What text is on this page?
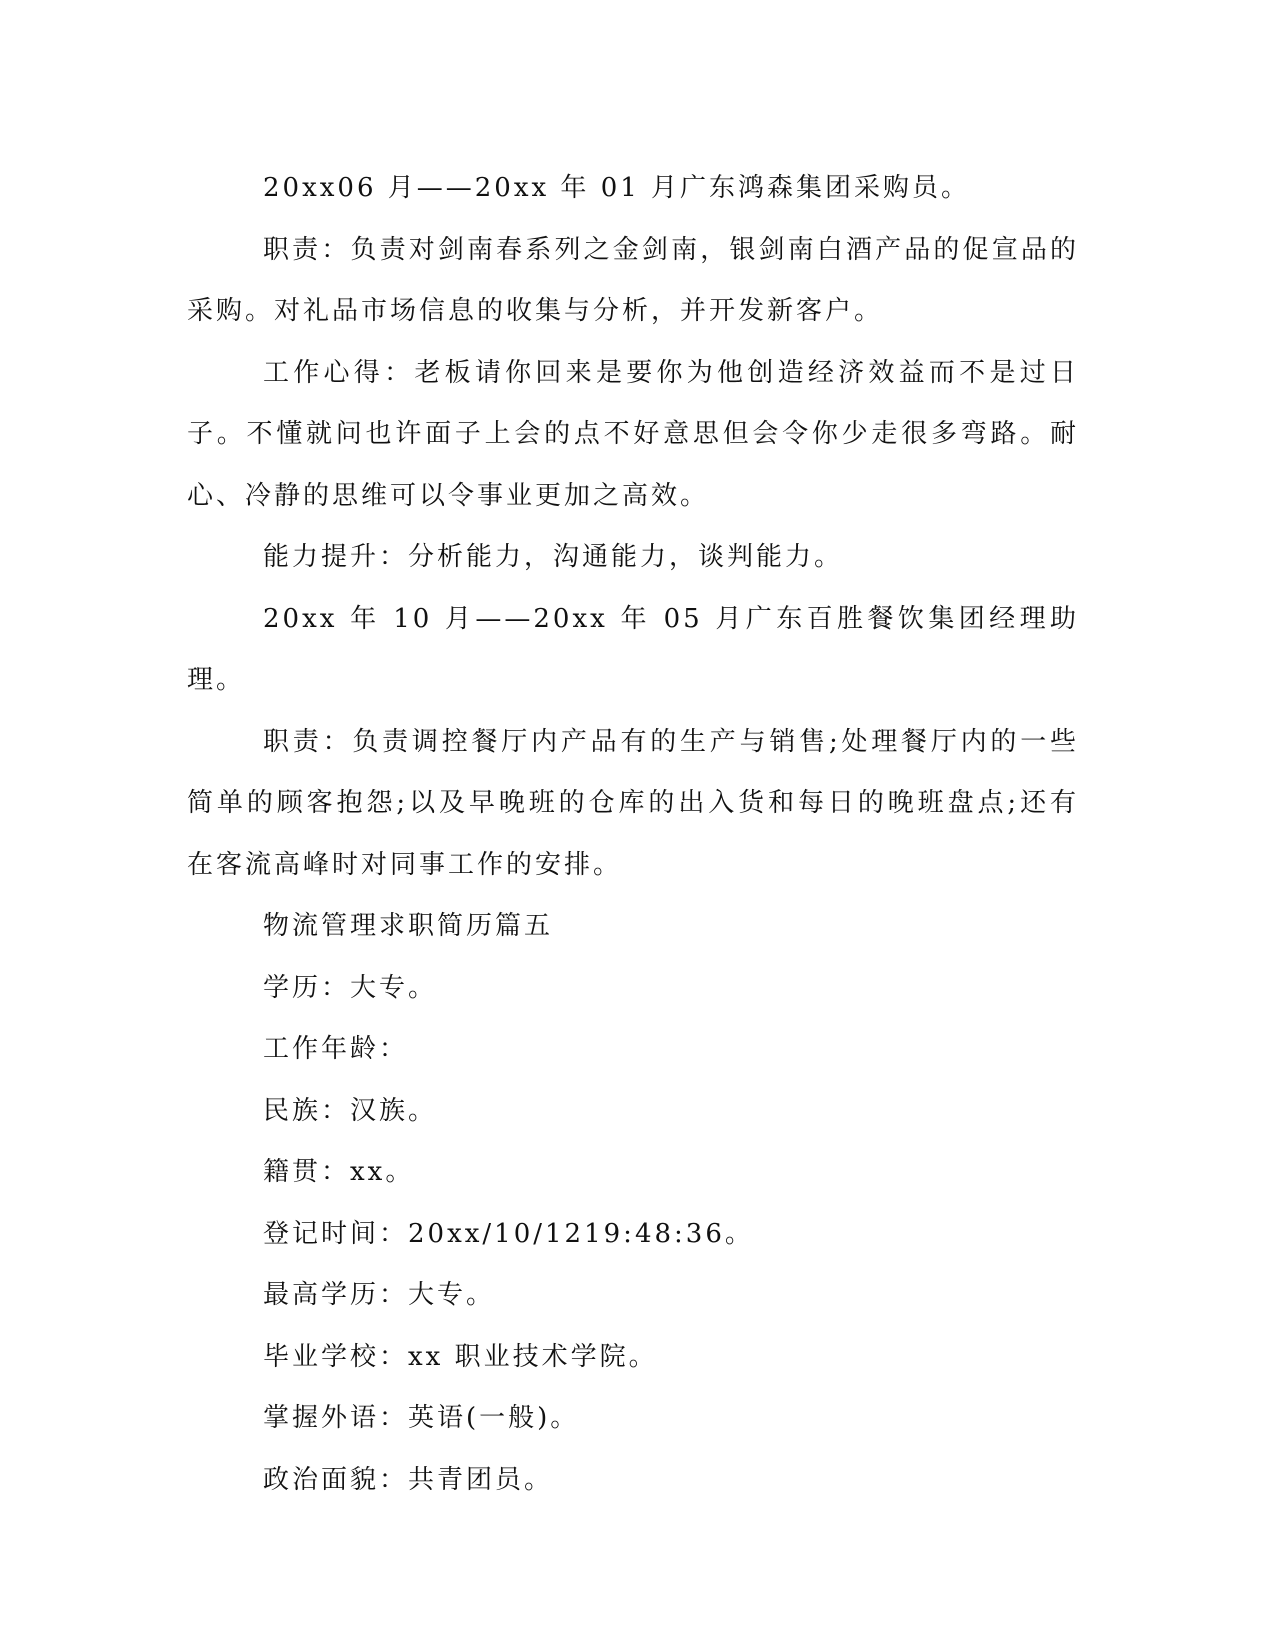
20xx06 月——20xx 年 01 月广东鸿森集团采购员。

职责：负责对剑南春系列之金剑南，银剑南白酒产品的促宣品的采购。对礼品市场信息的收集与分析，并开发新客户。

工作心得：老板请你回来是要你为他创造经济效益而不是过日子。不懂就问也许面子上会的点不好意思但会令你少走很多弯路。耐心、冷静的思维可以令事业更加之高效。

能力提升：分析能力，沟通能力，谈判能力。

20xx 年 10 月——20xx 年 05 月广东百胜餐饮集团经理助理。

职责：负责调控餐厅内产品有的生产与销售;处理餐厅内的一些简单的顾客抱怨;以及早晚班的仓库的出入货和每日的晚班盘点;还有在客流高峰时对同事工作的安排。

物流管理求职简历篇五

学历：大专。

工作年龄：

民族：汉族。

籍贯：xx。

登记时间：20xx/10/1219:48:36。

最高学历：大专。

毕业学校：xx 职业技术学院。

掌握外语：英语(一般)。

政治面貌：共青团员。
